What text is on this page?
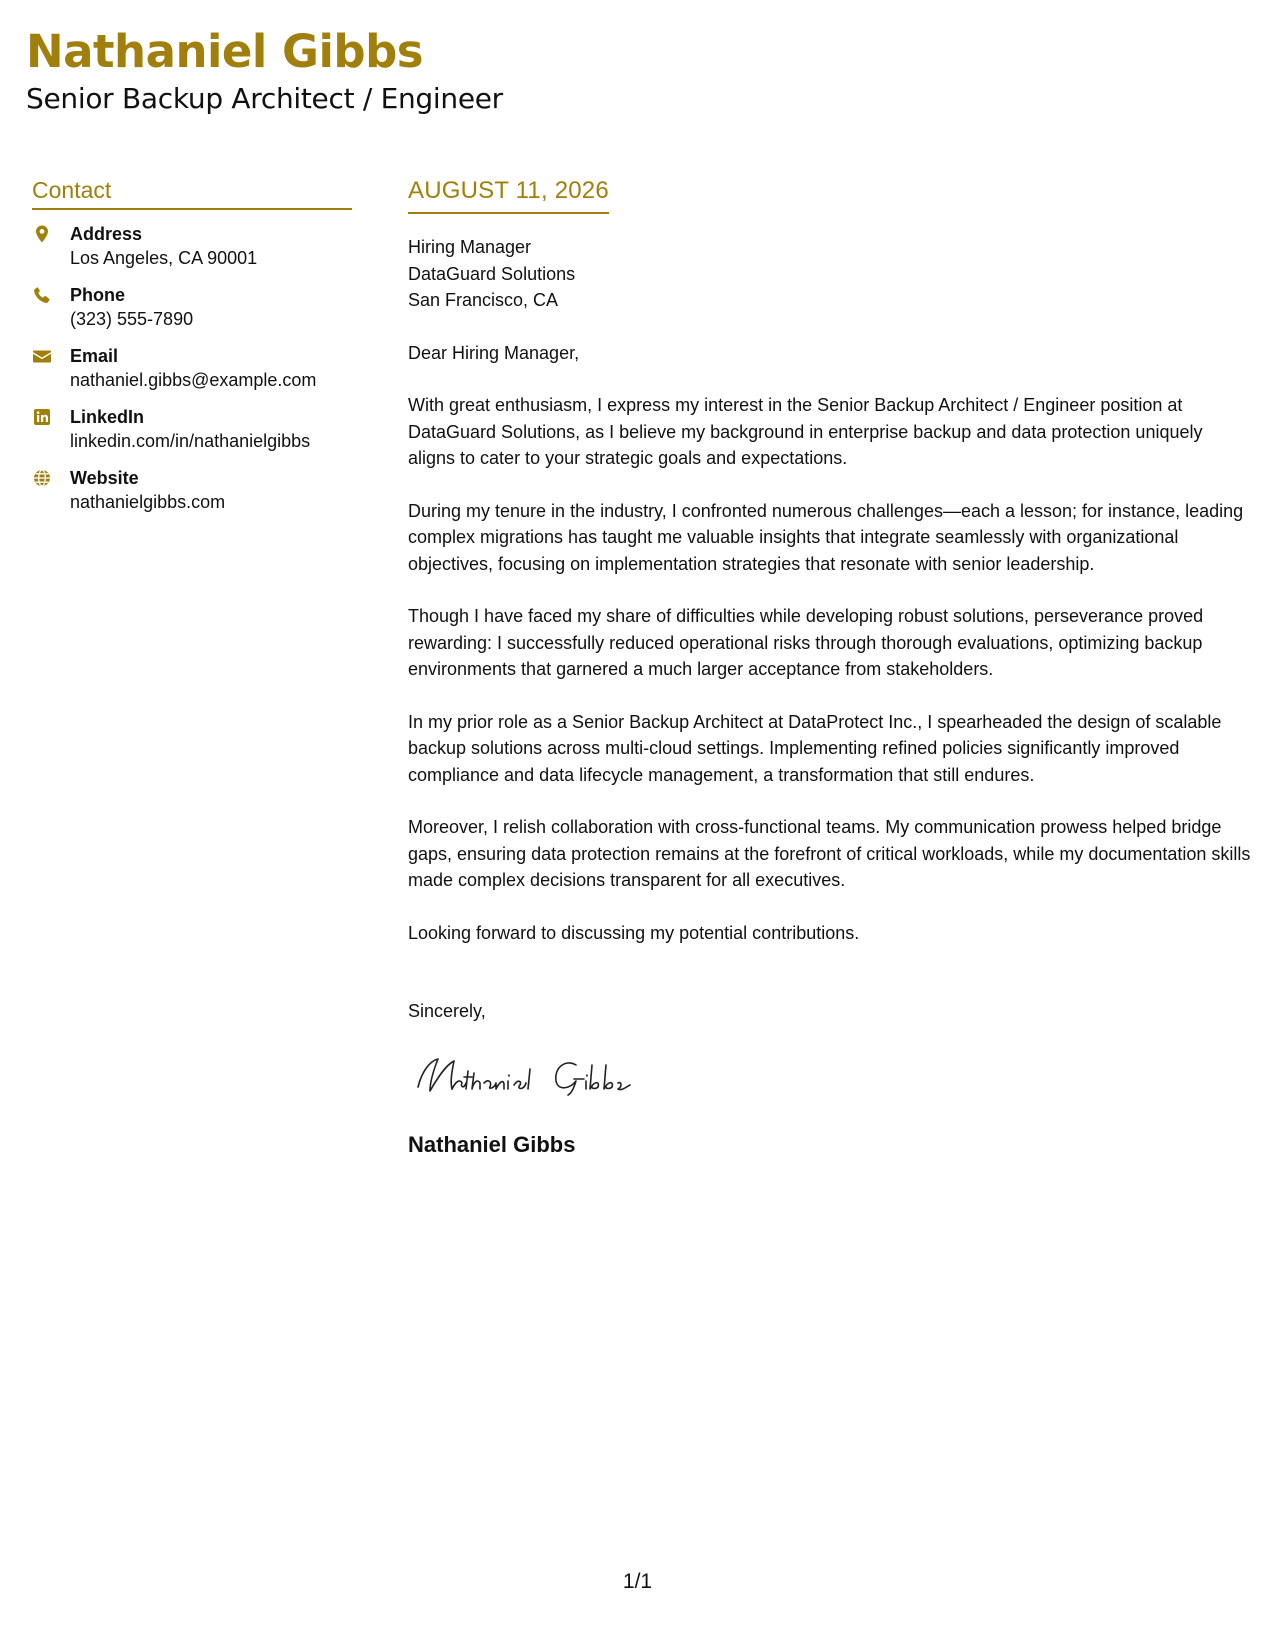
Nathaniel Gibbs
Senior Backup Architect / Engineer
Contact
Address
Los Angeles, CA 90001
Phone
(323) 555-7890
Email
nathaniel.gibbs@example.com
LinkedIn
linkedin.com/in/nathanielgibbs
Website
nathanielgibbs.com
AUGUST 11, 2026
Hiring Manager
DataGuard Solutions
San Francisco, CA

Dear Hiring Manager,

With great enthusiasm, I express my interest in the Senior Backup Architect / Engineer position at DataGuard Solutions, as I believe my background in enterprise backup and data protection uniquely aligns to cater to your strategic goals and expectations.

During my tenure in the industry, I confronted numerous challenges—each a lesson; for instance, leading complex migrations has taught me valuable insights that integrate seamlessly with organizational objectives, focusing on implementation strategies that resonate with senior leadership.

Though I have faced my share of difficulties while developing robust solutions, perseverance proved rewarding: I successfully reduced operational risks through thorough evaluations, optimizing backup environments that garnered a much larger acceptance from stakeholders.

In my prior role as a Senior Backup Architect at DataProtect Inc., I spearheaded the design of scalable backup solutions across multi-cloud settings. Implementing refined policies significantly improved compliance and data lifecycle management, a transformation that still endures.

Moreover, I relish collaboration with cross-functional teams. My communication prowess helped bridge gaps, ensuring data protection remains at the forefront of critical workloads, while my documentation skills made complex decisions transparent for all executives.

Looking forward to discussing my potential contributions.

Sincerely,

Nathaniel Gibbs
1/1
